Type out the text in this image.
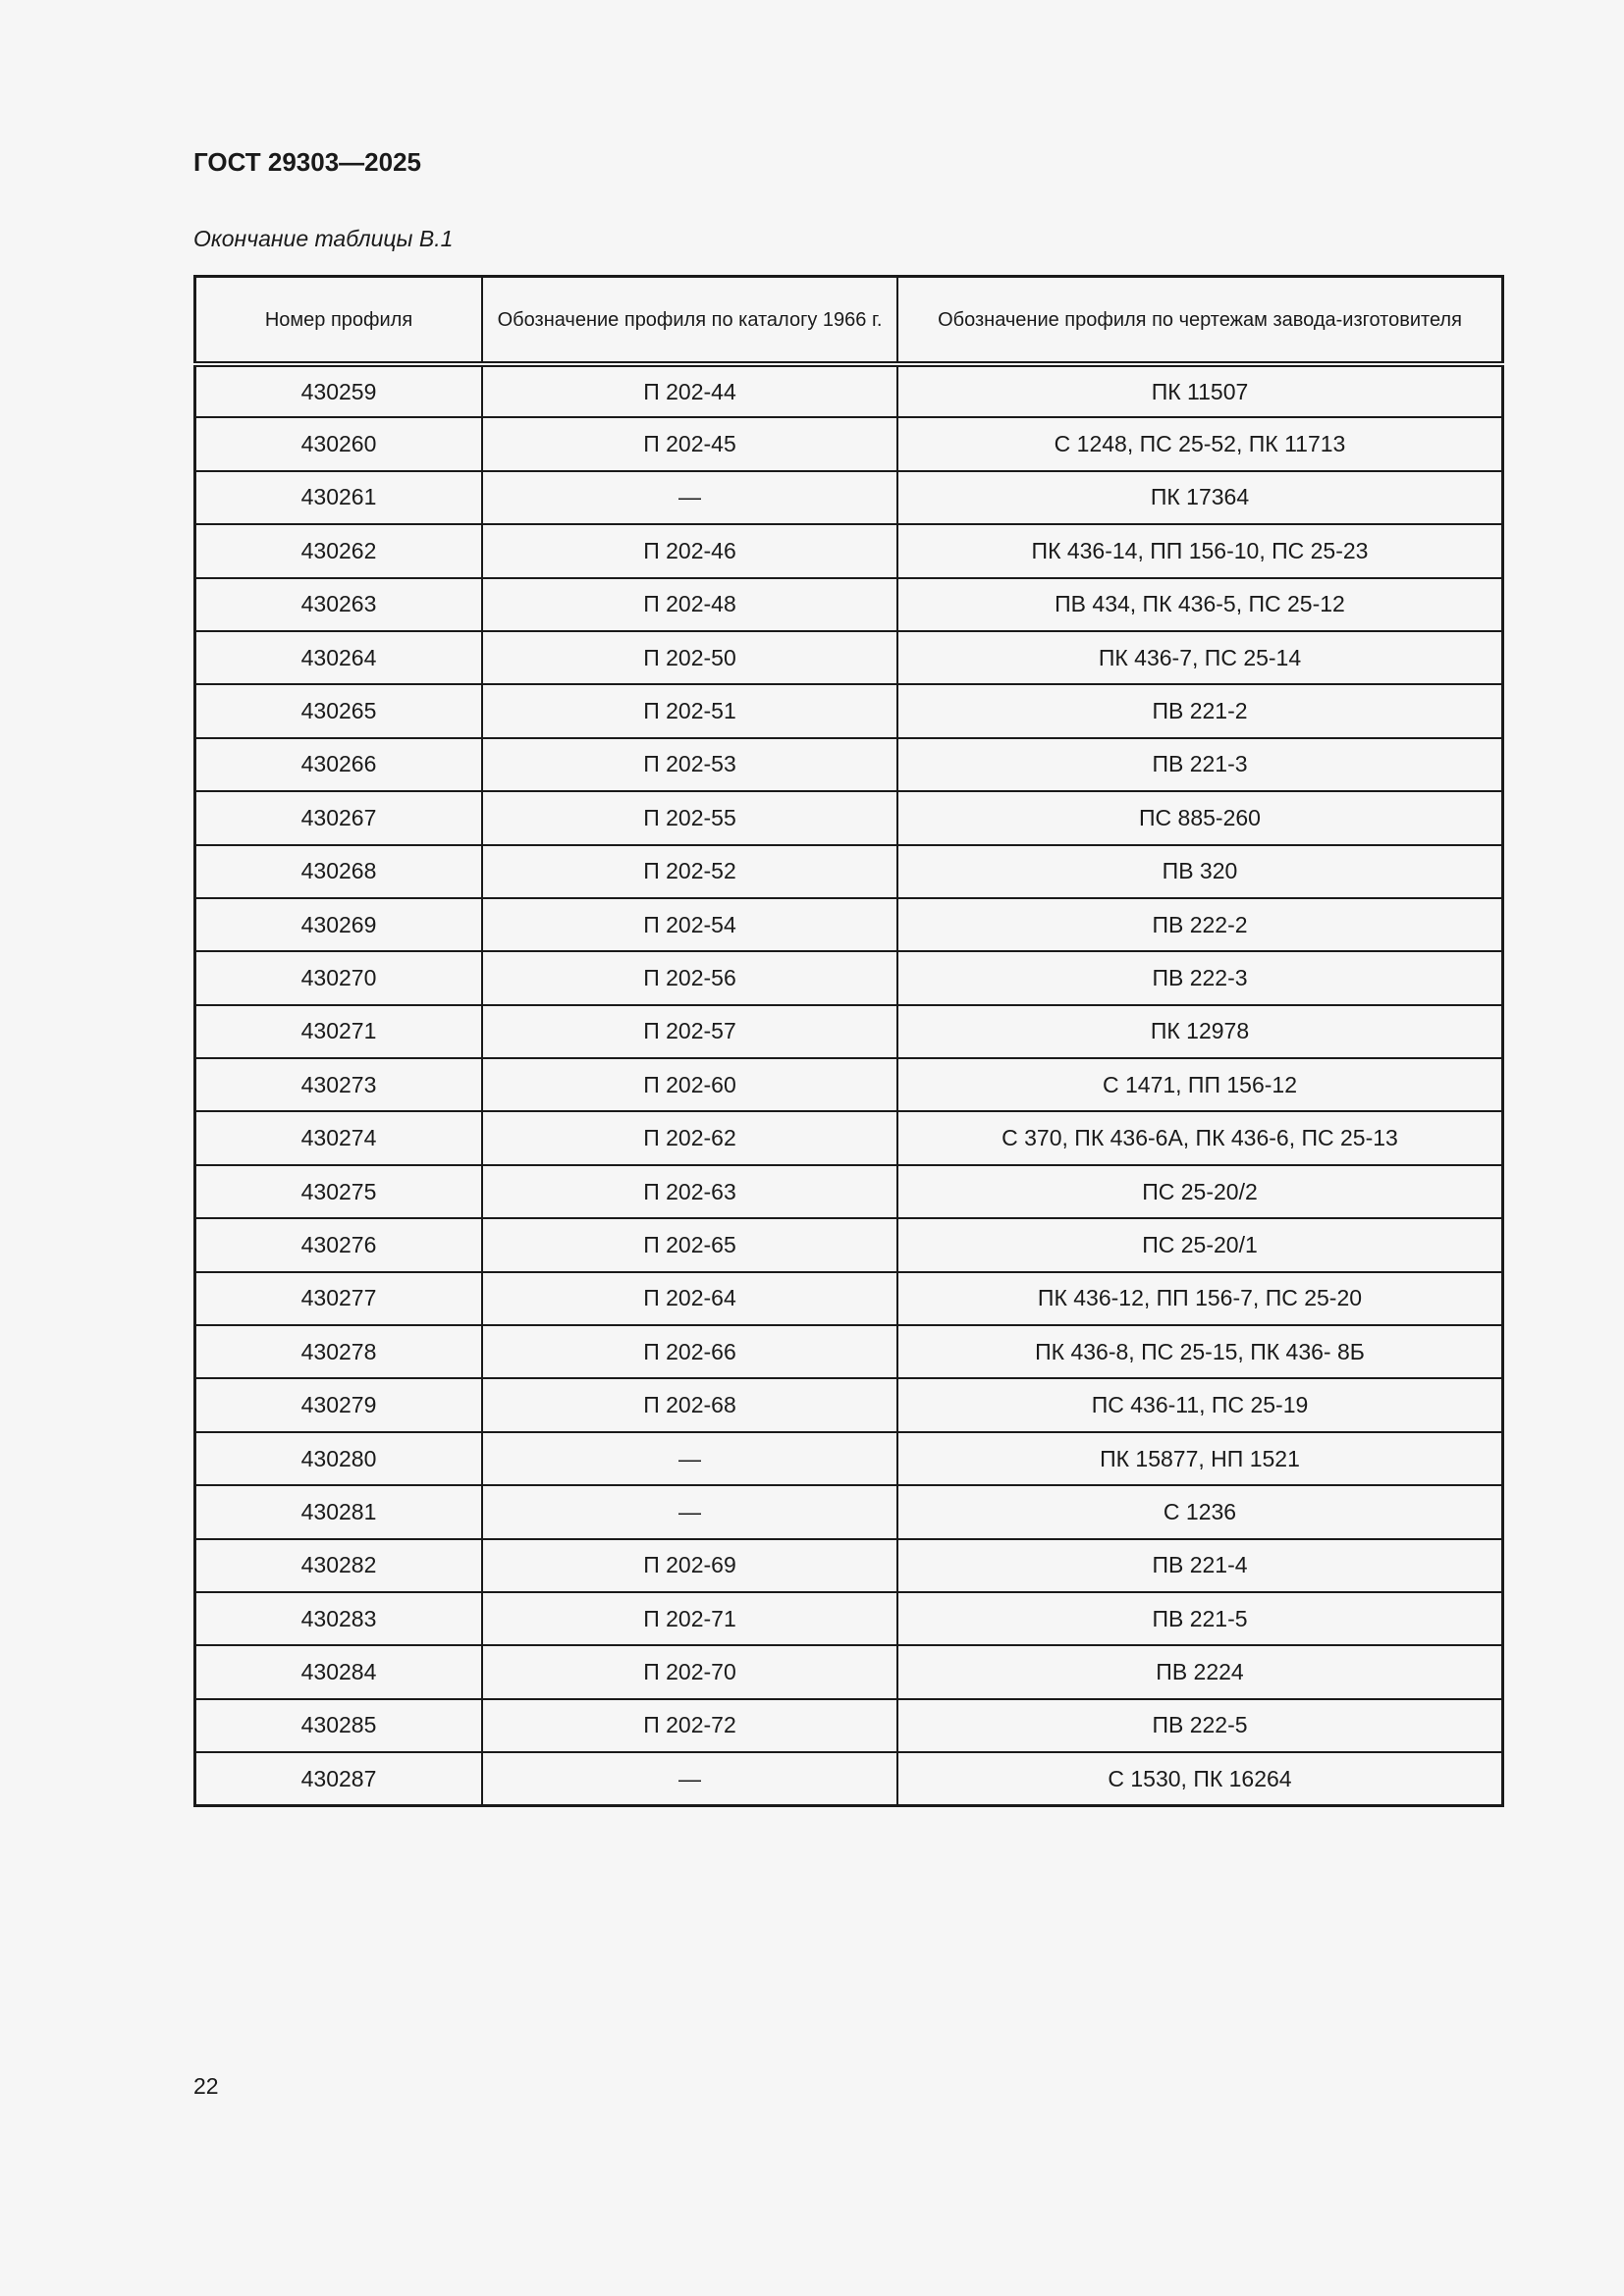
ГОСТ 29303—2025
Окончание таблицы В.1
Номер профиля	Обозначение профиля по каталогу 1966 г.	Обозначение профиля по чертежам завода-изготовителя
430259	П 202-44	ПК 11507
430260	П 202-45	С 1248, ПС 25-52, ПК 11713
430261	—	ПК 17364
430262	П 202-46	ПК 436-14, ПП 156-10, ПС 25-23
430263	П 202-48	ПВ 434, ПК 436-5, ПС 25-12
430264	П 202-50	ПК 436-7, ПС 25-14
430265	П 202-51	ПВ 221-2
430266	П 202-53	ПВ 221-3
430267	П 202-55	ПС 885-260
430268	П 202-52	ПВ 320
430269	П 202-54	ПВ 222-2
430270	П 202-56	ПВ 222-3
430271	П 202-57	ПК 12978
430273	П 202-60	С 1471, ПП 156-12
430274	П 202-62	С 370, ПК 436-6А, ПК 436-6, ПС 25-13
430275	П 202-63	ПС 25-20/2
430276	П 202-65	ПС 25-20/1
430277	П 202-64	ПК 436-12, ПП 156-7, ПС 25-20
430278	П 202-66	ПК 436-8, ПС 25-15, ПК 436- 8Б
430279	П 202-68	ПС 436-11, ПС 25-19
430280	—	ПК 15877, НП 1521
430281	—	С 1236
430282	П 202-69	ПВ 221-4
430283	П 202-71	ПВ 221-5
430284	П 202-70	ПВ 2224
430285	П 202-72	ПВ 222-5
430287	—	С 1530, ПК 16264
22
